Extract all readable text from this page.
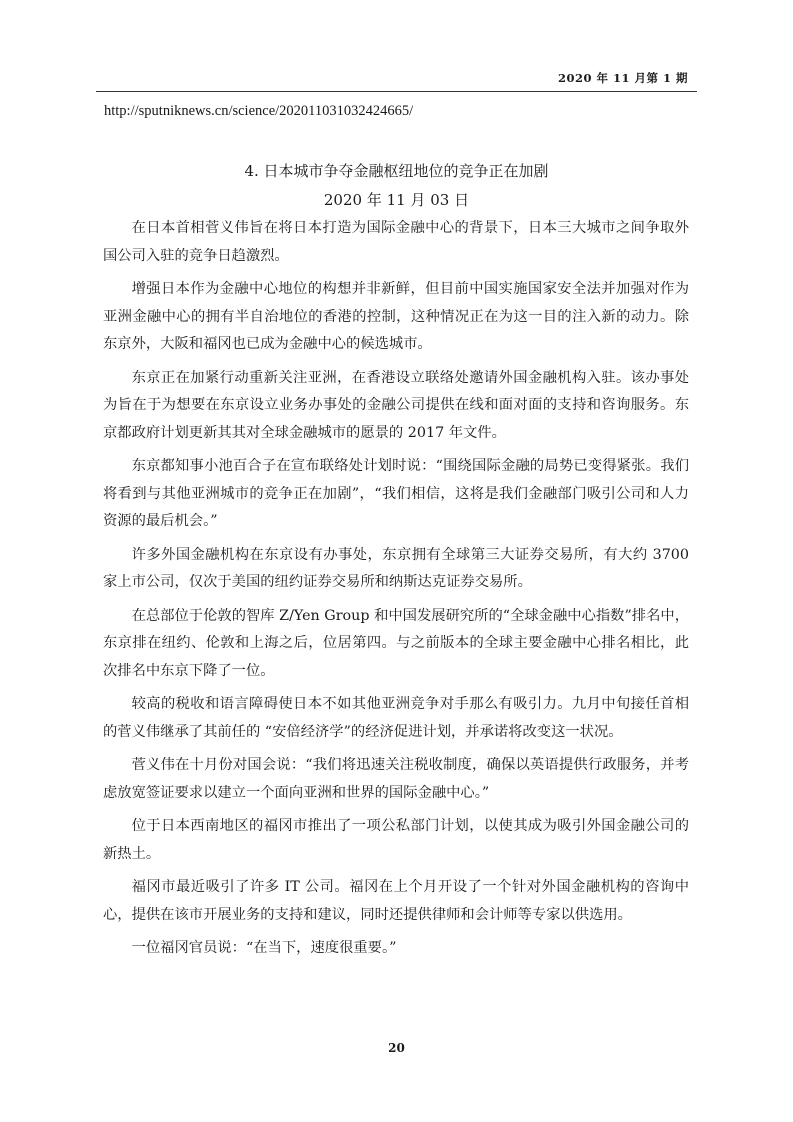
2020 年 11 月第 1 期
http://sputniknews.cn/science/202011031032424665/
4. 日本城市争夺金融枢纽地位的竞争正在加剧
2020 年 11 月 03 日

在日本首相菅义伟旨在将日本打造为国际金融中心的背景下，日本三大城市之间争取外国公司入驻的竞争日趋激烈。

增强日本作为金融中心地位的构想并非新鲜，但目前中国实施国家安全法并加强对作为亚洲金融中心的拥有半自治地位的香港的控制，这种情况正在为这一目的注入新的动力。除东京外，大阪和福冈也已成为金融中心的候选城市。

东京正在加紧行动重新关注亚洲，在香港设立联络处邀请外国金融机构入驻。该办事处为旨在于为想要在东京设立业务办事处的金融公司提供在线和面对面的支持和咨询服务。东京都政府计划更新其其对全球金融城市的愿景的 2017 年文件。

东京都知事小池百合子在宣布联络处计划时说：“围绕国际金融的局势已变得紧张。我们将看到与其他亚洲城市的竞争正在加剧”，“我们相信，这将是我们金融部门吸引公司和人力资源的最后机会。”

许多外国金融机构在东京设有办事处，东京拥有全球第三大证券交易所，有大约 3700 家上市公司，仅次于美国的纽约证券交易所和纳斯达克证券交易所。

在总部位于伦敦的智库 Z/Yen Group 和中国发展研究所的“全球金融中心指数”排名中，东京排在纽约、伦敦和上海之后，位居第四。与之前版本的全球主要金融中心排名相比，此次排名中东京下降了一位。

较高的税收和语言障碍使日本不如其他亚洲竞争对手那么有吸引力。九月中旬接任首相的菅义伟继承了其前任的 “安倍经济学”的经济促进计划，并承诺将改变这一状况。

菅义伟在十月份对国会说：“我们将迅速关注税收制度，确保以英语提供行政服务，并考虑放宽签证要求以建立一个面向亚洲和世界的国际金融中心。”

位于日本西南地区的福冈市推出了一项公私部门计划，以使其成为吸引外国金融公司的新热土。

福冈市最近吸引了许多 IT 公司。福冈在上个月开设了一个针对外国金融机构的咨询中心，提供在该市开展业务的支持和建议，同时还提供律师和会计师等专家以供选用。

一位福冈官员说：“在当下，速度很重要。”

20
